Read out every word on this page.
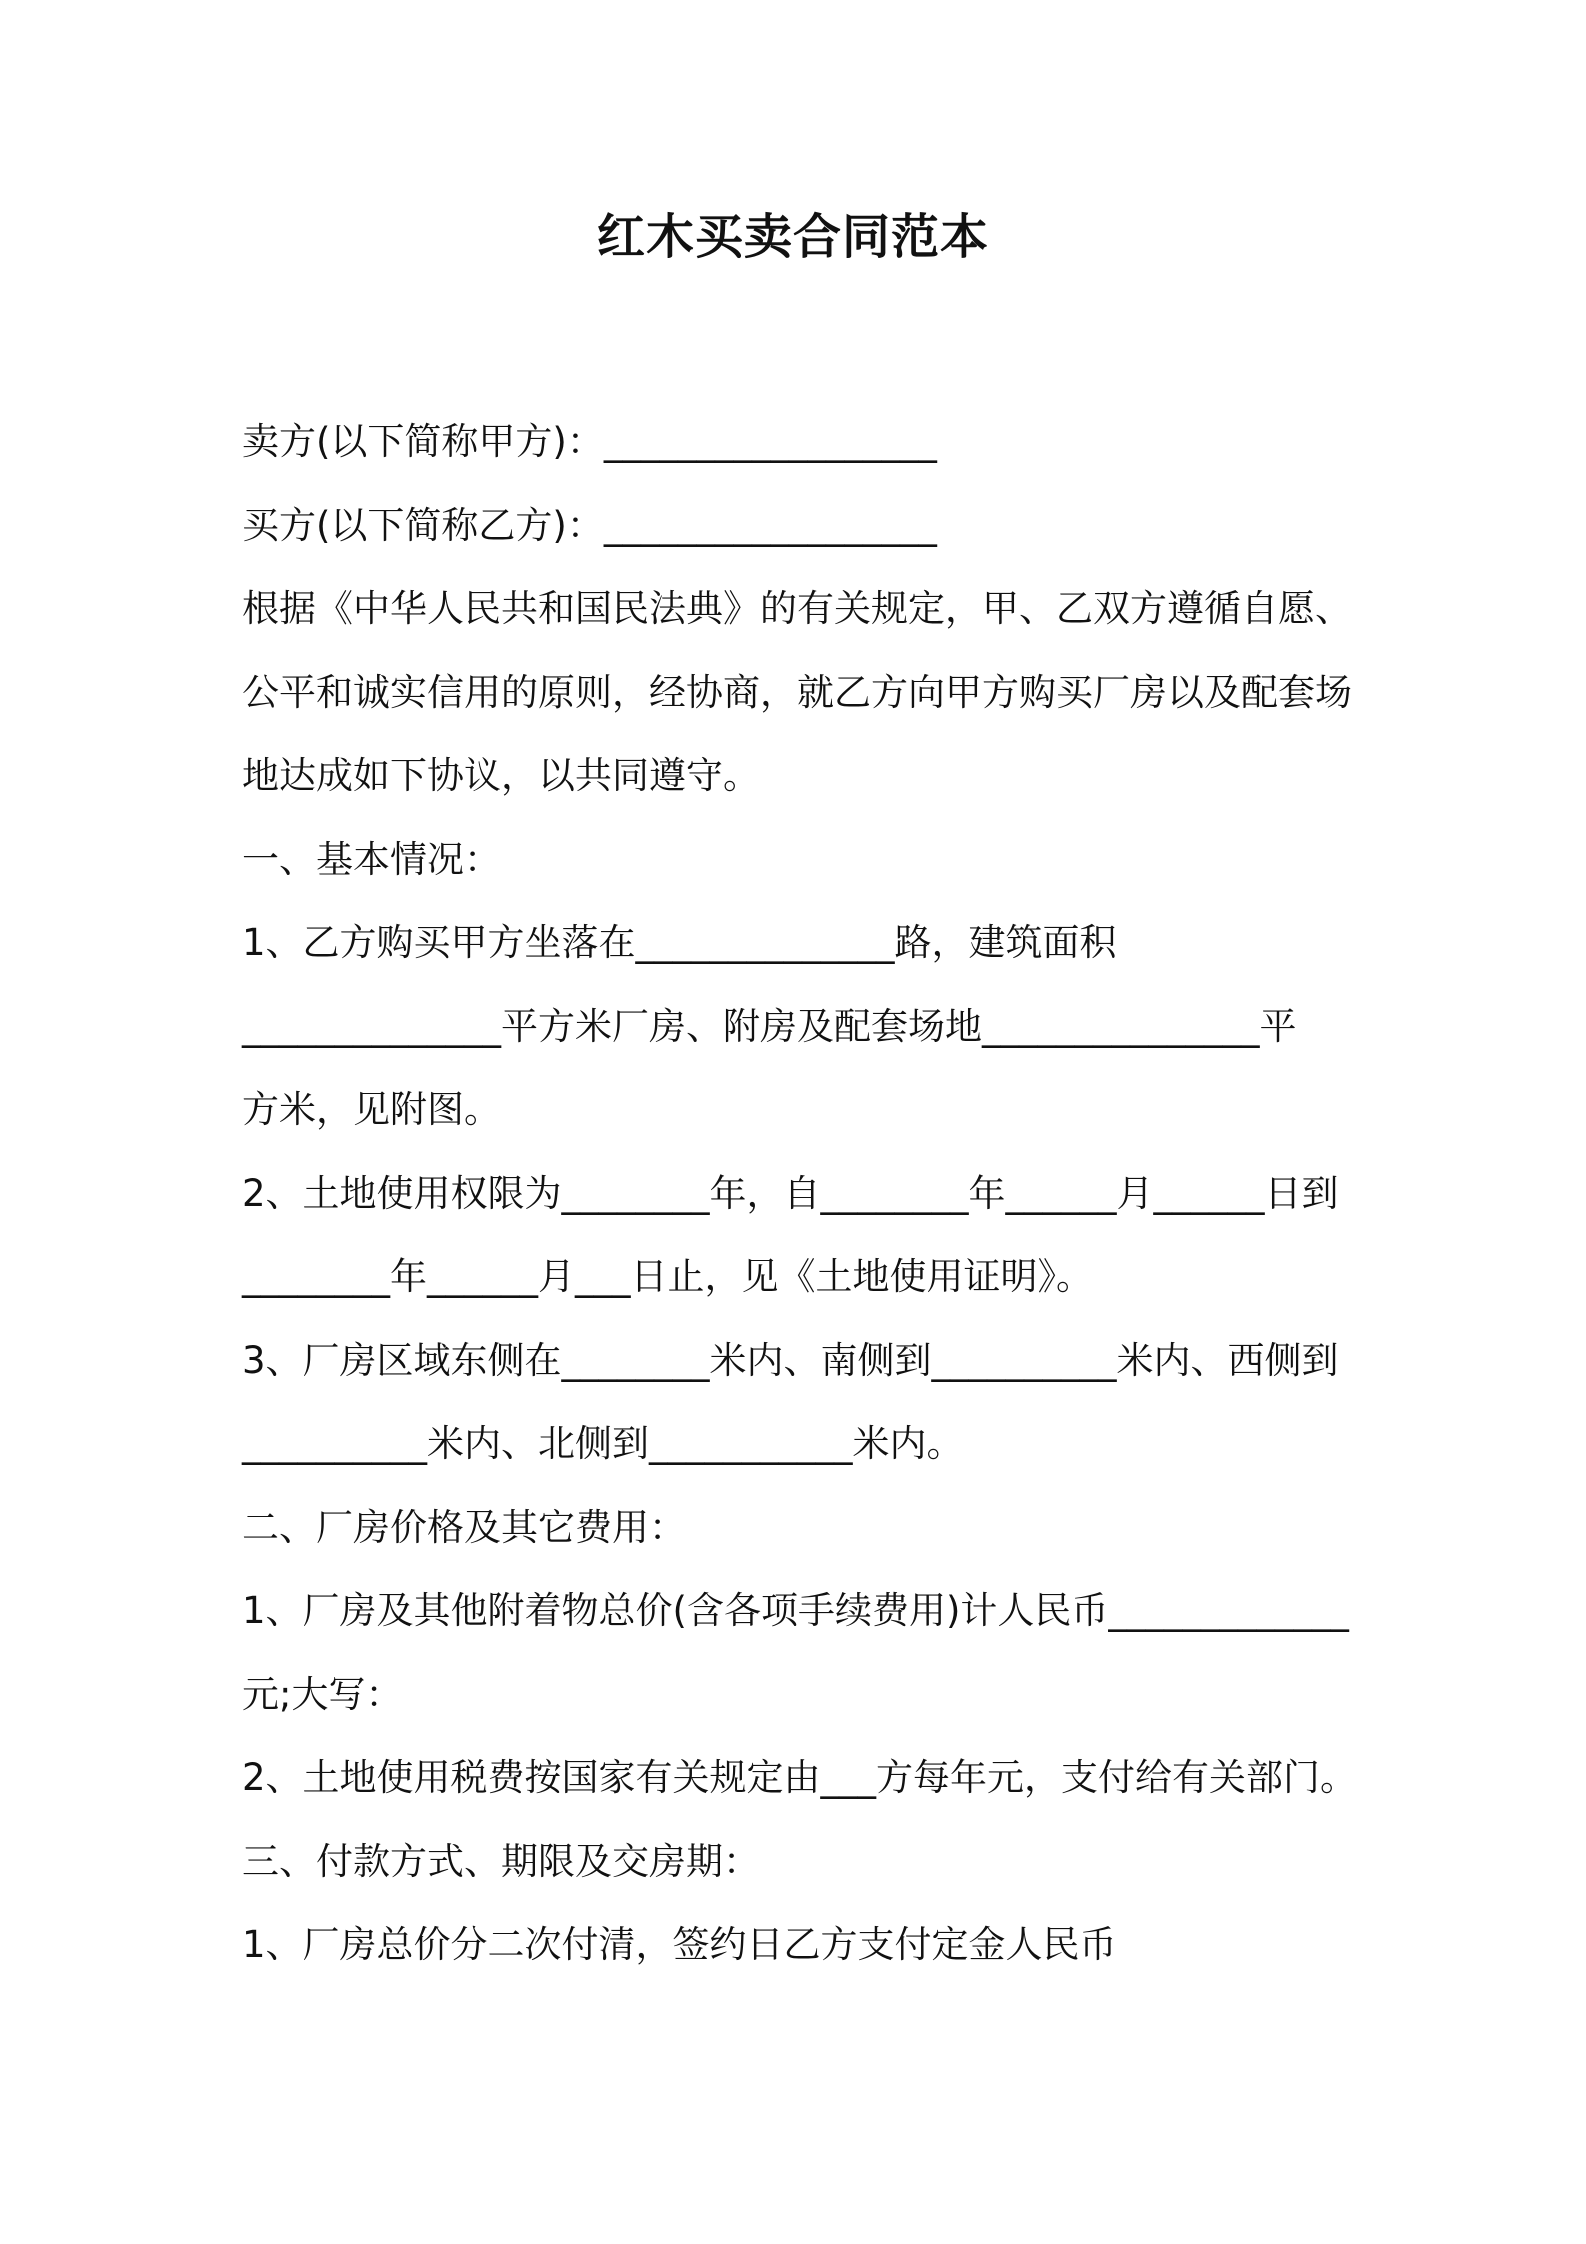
红木买卖合同范本
卖方(以下简称甲方)：__________________
买方(以下简称乙方)：__________________
根据《中华人民共和国民法典》的有关规定，甲、乙双方遵循自愿、
公平和诚实信用的原则，经协商，就乙方向甲方购买厂房以及配套场
地达成如下协议，以共同遵守。
一、基本情况：
1、乙方购买甲方坐落在______________路，建筑面积
______________平方米厂房、附房及配套场地_______________平
方米，见附图。
2、土地使用权限为________年，自________年______月______日到
________年______月___日止，见《土地使用证明》。
3、厂房区域东侧在________米内、南侧到__________米内、西侧到
__________米内、北侧到___________米内。
二、厂房价格及其它费用：
1、厂房及其他附着物总价(含各项手续费用)计人民币_____________
元;大写：
2、土地使用税费按国家有关规定由___方每年元，支付给有关部门。
三、付款方式、期限及交房期：
1、厂房总价分二次付清，签约日乙方支付定金人民币
